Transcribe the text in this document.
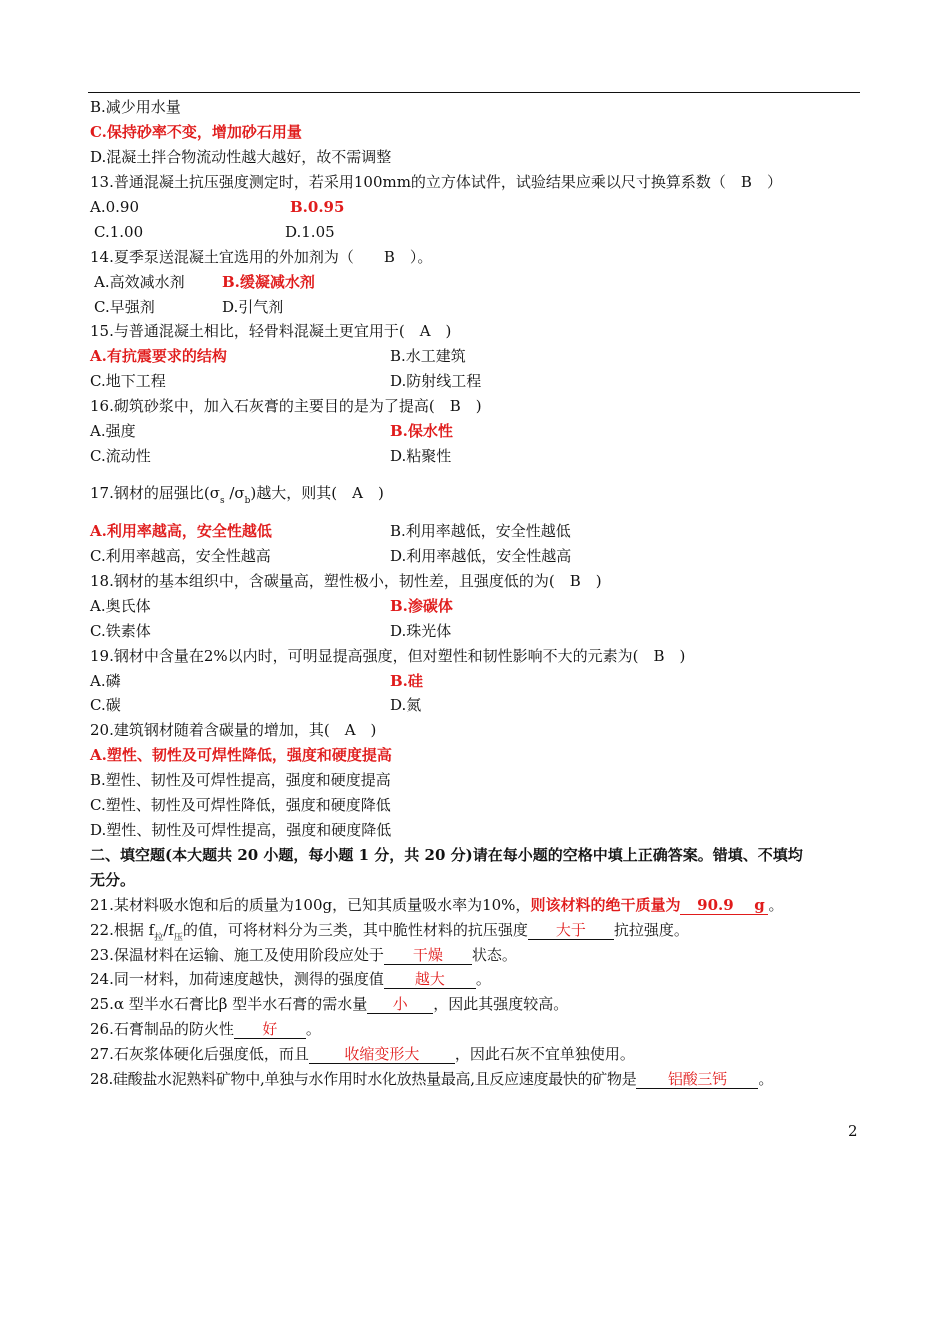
B.减少用水量
C.保持砂率不变，增加砂石用量
D.混凝土拌合物流动性越大越好，故不需调整
13.普通混凝土抗压强度测定时，若采用100mm的立方体试件，试验结果应乘以尺寸换算系数（　B　）
A.0.90	B.0.95
C.1.00	D.1.05
14.夏季泵送混凝土宜选用的外加剂为（　　B　）。
A.高效减水剂 B.缓凝减水剂
C.早强剂	D.引气剂
15.与普通混凝土相比，轻骨料混凝土更宜用于(　A　)
A.有抗震要求的结构	B.水工建筑
C.地下工程	D.防射线工程
16.砌筑砂浆中，加入石灰膏的主要目的是为了提高(　B　)
A.强度	B.保水性
C.流动性	D.粘聚性
17.钢材的屈强比($\sigma_s$ $/\sigma_b$)越大，则其(　A　)
A.利用率越高，安全性越低	B.利用率越低，安全性越低
C.利用率越高，安全性越高	D.利用率越低，安全性越高
18.钢材的基本组织中，含碳量高，塑性极小，韧性差，且强度低的为(　B　)
A.奥氏体	B.渗碳体
C.铁素体	D.珠光体
19.钢材中含量在2%以内时，可明显提高强度，但对塑性和韧性影响不大的元素为(　B　)
A.磷	B.硅
C.碳	D.氮
20.建筑钢材随着含碳量的增加，其(　A　)
A.塑性、韧性及可焊性降低，强度和硬度提高
B.塑性、韧性及可焊性提高，强度和硬度提高
C.塑性、韧性及可焊性降低，强度和硬度降低
D.塑性、韧性及可焊性提高，强度和硬度降低
二、填空题(本大题共 20 小题，每小题 1 分，共 20 分)请在每小题的空格中填上正确答案。错填、不填均
无分。
21.某材料吸水饱和后的质量为100g，已知其质量吸水率为10%，则该材料的绝干质量为 90.9 g 。
22.根据 $f_拉/f_压$的值，可将材料分为三类，其中脆性材料的抗压强度 大于 抗拉强度。
23.保温材料在运输、施工及使用阶段应处于 干燥 状态。
24.同一材料，加荷速度越快，测得的强度值 越大 。
25.α 型半水石膏比β 型半水石膏的需水量 小 ，因此其强度较高。
26.石膏制品的防火性 好 。
27.石灰浆体硬化后强度低，而且 收缩变形大 ，因此石灰不宜单独使用。
28.硅酸盐水泥熟料矿物中,单独与水作用时水化放热量最高,且反应速度最快的矿物是 铝酸三钙 。
2
